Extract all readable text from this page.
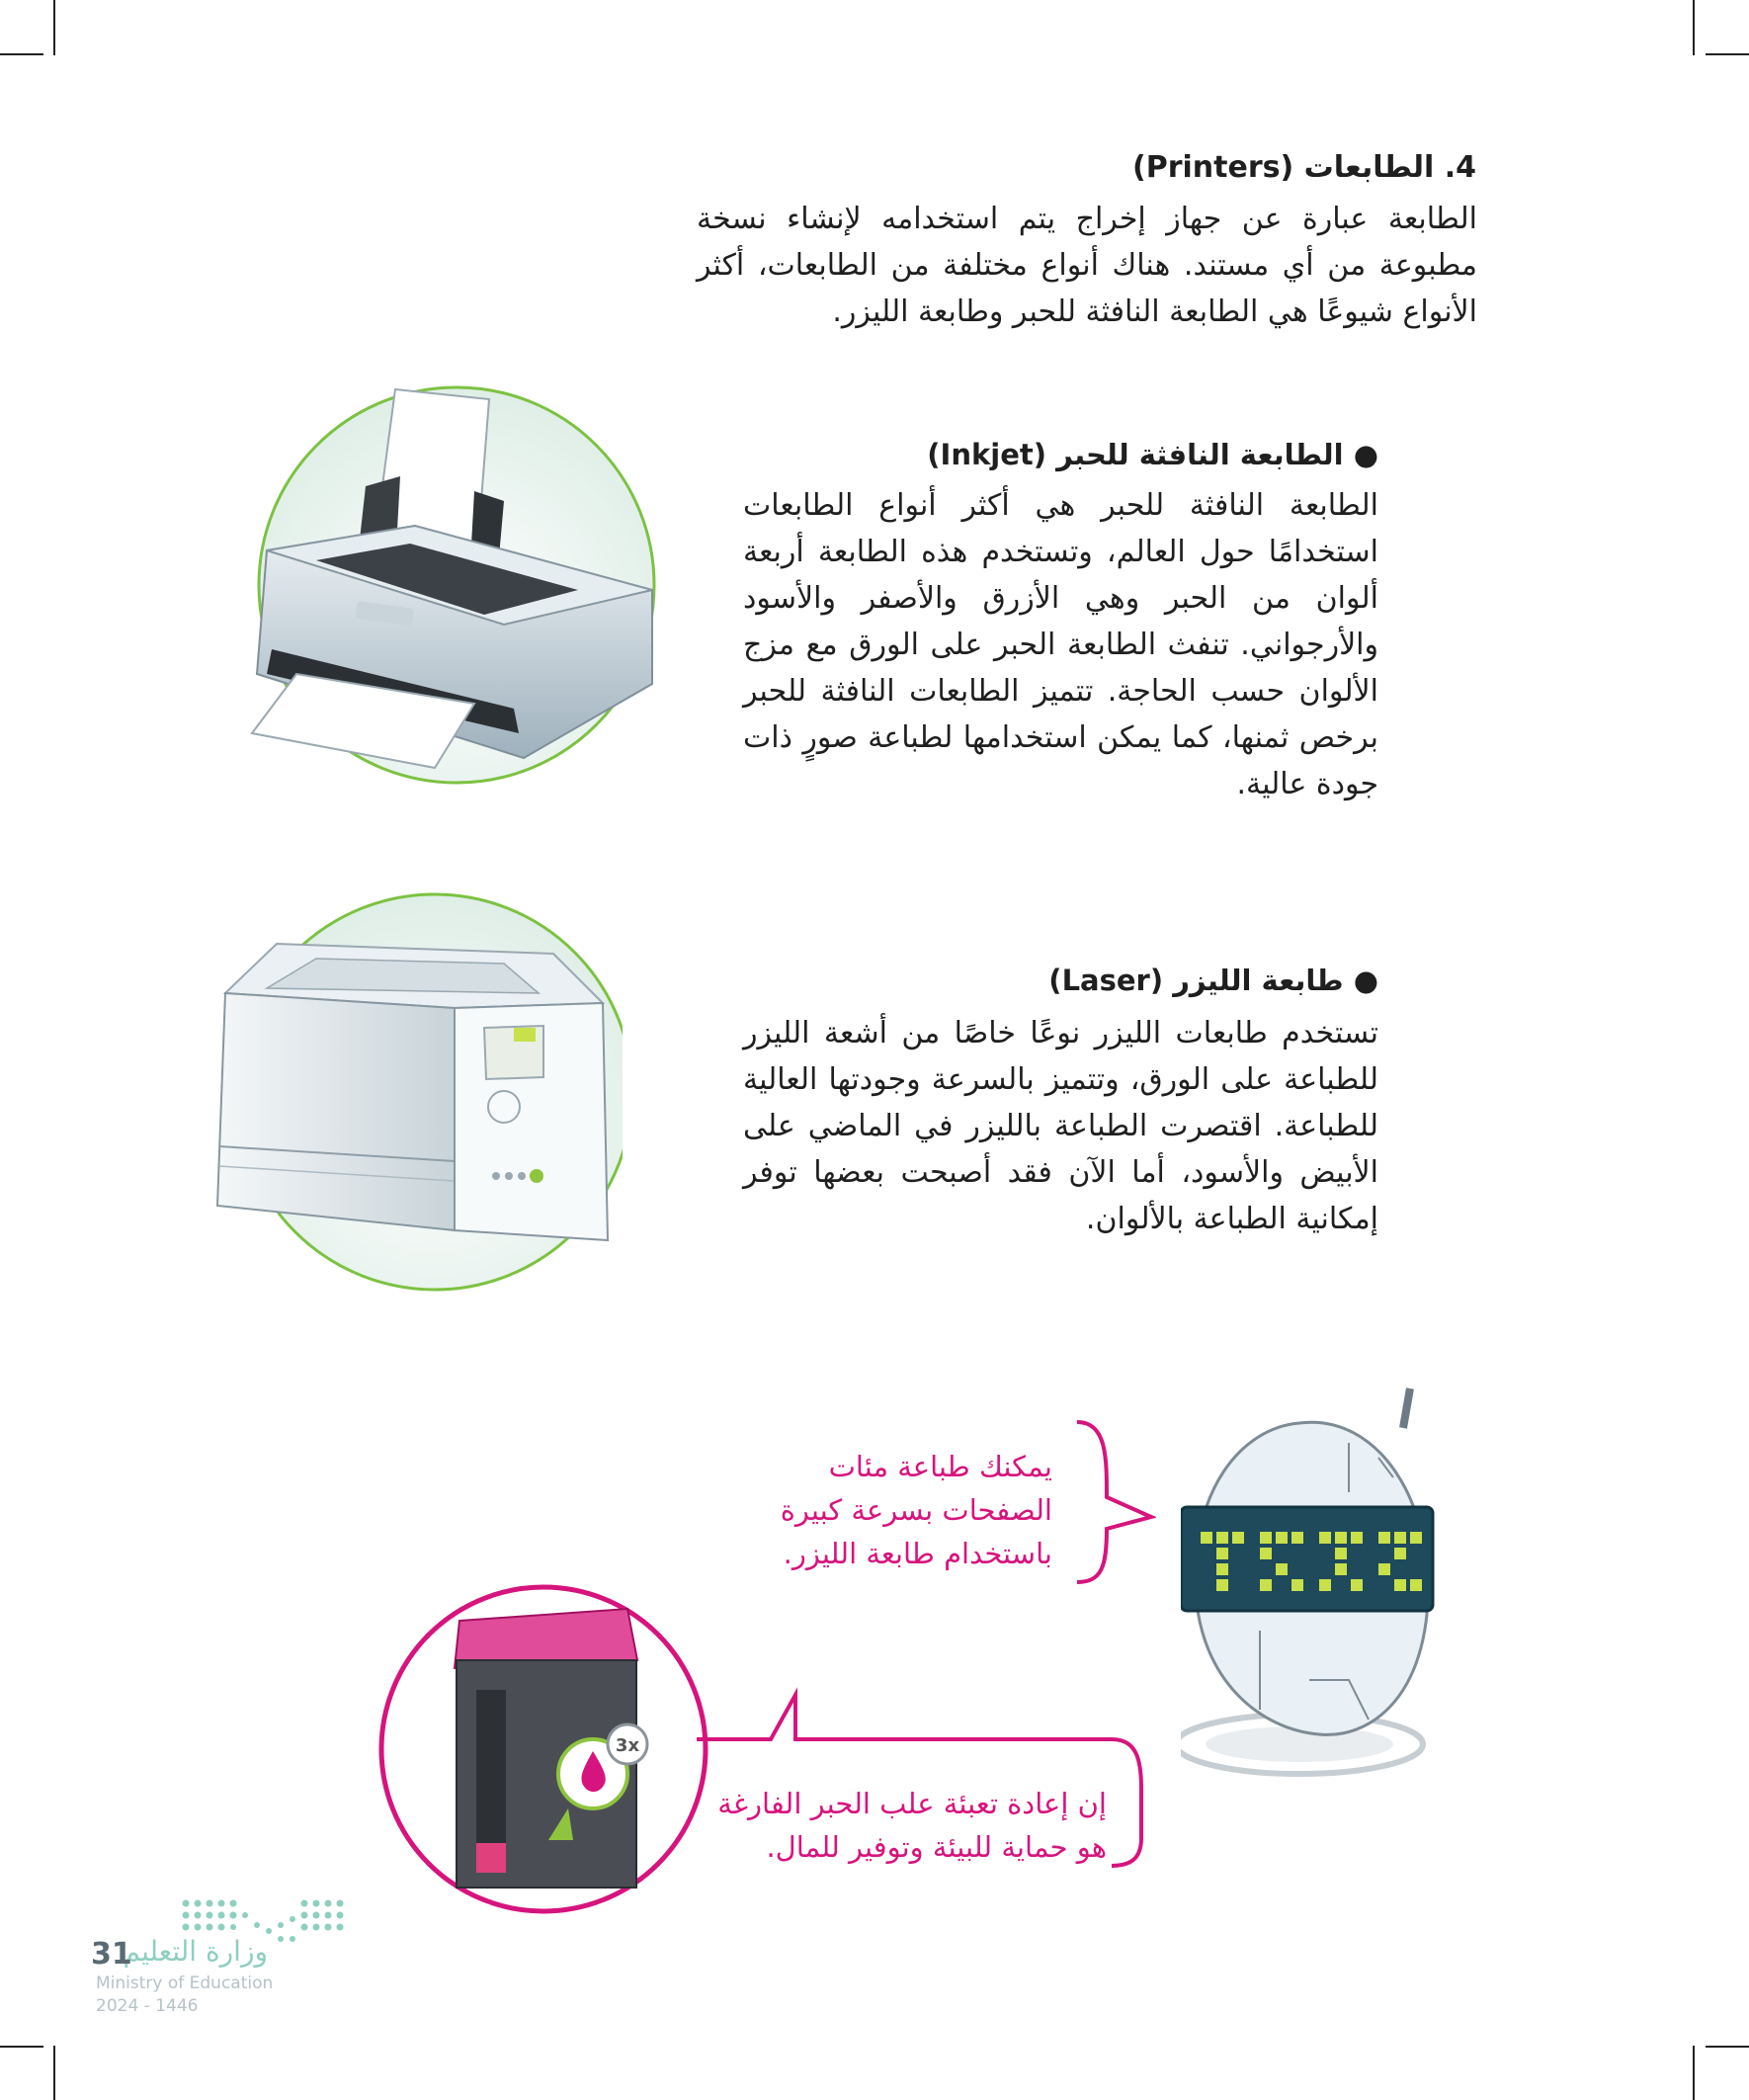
4. الطابعات (Printers)
الطابعة عبارة عن جهاز إخراج يتم استخدامه لإنشاء نسخة مطبوعة من أي مستند. هناك أنواع مختلفة من الطابعات، أكثر الأنواع شيوعًا هي الطابعة النافثة للحبر وطابعة الليزر.
● الطابعة النافثة للحبر (Inkjet)
الطابعة النافثة للحبر هي أكثر أنواع الطابعات استخدامًا حول العالم، وتستخدم هذه الطابعة أربعة ألوان من الحبر وهي الأزرق والأصفر والأسود والأرجواني. تنفث الطابعة الحبر على الورق مع مزج الألوان حسب الحاجة. تتميز الطابعات النافثة للحبر برخص ثمنها، كما يمكن استخدامها لطباعة صورٍ ذات جودة عالية.
● طابعة الليزر (Laser)
تستخدم طابعات الليزر نوعًا خاصًا من أشعة الليزر للطباعة على الورق، وتتميز بالسرعة وجودتها العالية للطباعة. اقتصرت الطباعة بالليزر في الماضي على الأبيض والأسود، أما الآن فقد أصبحت بعضها توفر إمكانية الطباعة بالألوان.
يمكنك طباعة مئات الصفحات بسرعة كبيرة باستخدام طابعة الليزر.
3x
إن إعادة تعبئة علب الحبر الفارغة هو حماية للبيئة وتوفير للمال.
وزارة التعليم
31
Ministry of Education
2024 - 1446
